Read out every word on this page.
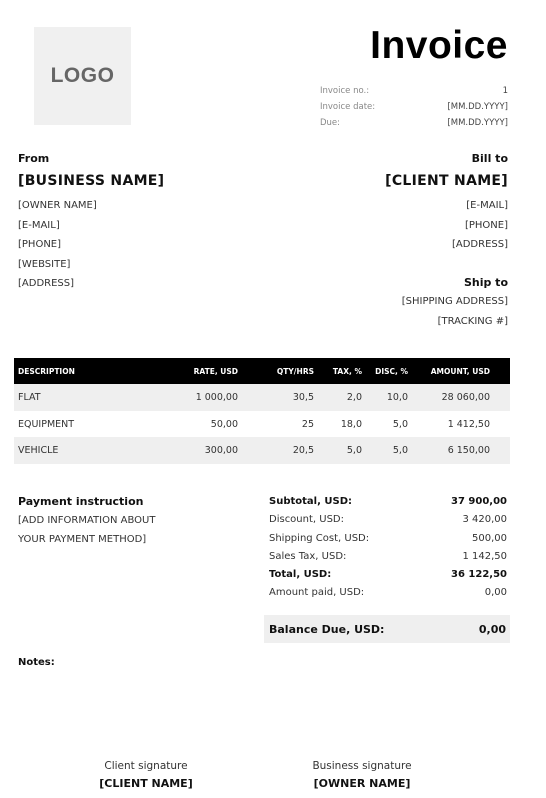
LOGO
Invoice
Invoice no.:	1
Invoice date:	[MM.DD.YYYY]
Due:	[MM.DD.YYYY]
From	Bill to
[BUSINESS NAME]	[CLIENT NAME]
[OWNER NAME]
[E-MAIL]
[PHONE]
[WEBSITE]
[ADDRESS]
[E-MAIL]
[PHONE]
[ADDRESS]
Ship to
[SHIPPING ADDRESS]
[TRACKING #]
DESCRIPTION	RATE, USD	QTY/HRS	TAX, %	DISC, %	AMOUNT, USD
FLAT	1 000,00	30,5	2,0	10,0	28 060,00
EQUIPMENT	50,00	25	18,0	5,0	1 412,50
VEHICLE	300,00	20,5	5,0	5,0	6 150,00
Payment instruction
[ADD INFORMATION ABOUT
YOUR PAYMENT METHOD]
Subtotal, USD:	37 900,00
Discount, USD:	3 420,00
Shipping Cost, USD:	500,00
Sales Tax, USD:	1 142,50
Total, USD:	36 122,50
Amount paid, USD:	0,00
Balance Due, USD:	0,00
Notes:
Client signature
[CLIENT NAME]
Business signature
[OWNER NAME]
